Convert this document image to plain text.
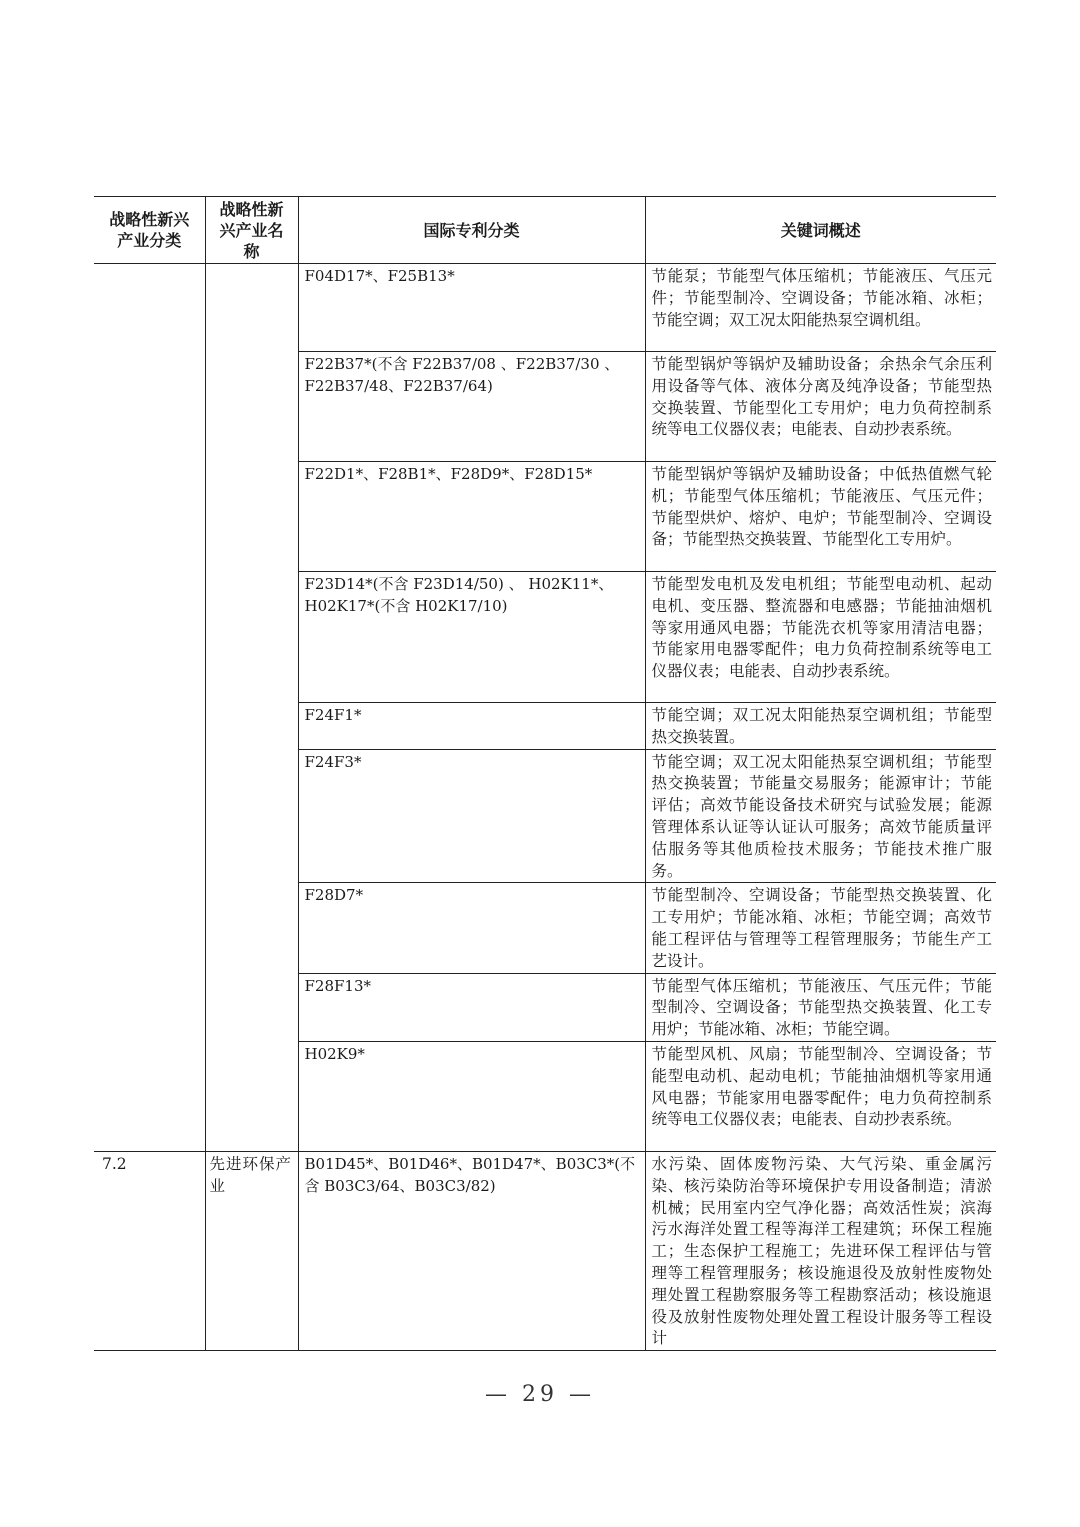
战略性新兴产业分类	战略性新兴产业名称	国际专利分类	关键词概述
		F04D17*、F25B13*	节能泵；节能型气体压缩机；节能液压、气压元件；节能型制冷、空调设备；节能冰箱、冰柜；节能空调；双工况太阳能热泵空调机组。
		F22B37*(不含 F22B37/08 、F22B37/30 、F22B37/48、F22B37/64)	节能型锅炉等锅炉及辅助设备；余热余气余压利用设备等气体、液体分离及纯净设备；节能型热交换装置、节能型化工专用炉；电力负荷控制系统等电工仪器仪表；电能表、自动抄表系统。
		F22D1*、F28B1*、F28D9*、F28D15*	节能型锅炉等锅炉及辅助设备；中低热值燃气轮机；节能型气体压缩机；节能液压、气压元件；节能型烘炉、熔炉、电炉；节能型制冷、空调设备；节能型热交换装置、节能型化工专用炉。
		F23D14*(不含 F23D14/50) 、 H02K11*、H02K17*(不含 H02K17/10)	节能型发电机及发电机组；节能型电动机、起动电机、变压器、整流器和电感器；节能抽油烟机等家用通风电器；节能洗衣机等家用清洁电器；节能家用电器零配件；电力负荷控制系统等电工仪器仪表；电能表、自动抄表系统。
		F24F1*	节能空调；双工况太阳能热泵空调机组；节能型热交换装置。
		F24F3*	节能空调；双工况太阳能热泵空调机组；节能型热交换装置；节能量交易服务；能源审计；节能评估；高效节能设备技术研究与试验发展；能源管理体系认证等认证认可服务；高效节能质量评估服务等其他质检技术服务；节能技术推广服务。
		F28D7*	节能型制冷、空调设备；节能型热交换装置、化工专用炉；节能冰箱、冰柜；节能空调；高效节能工程评估与管理等工程管理服务；节能生产工艺设计。
		F28F13*	节能型气体压缩机；节能液压、气压元件；节能型制冷、空调设备；节能型热交换装置、化工专用炉；节能冰箱、冰柜；节能空调。
		H02K9*	节能型风机、风扇；节能型制冷、空调设备；节能型电动机、起动电机；节能抽油烟机等家用通风电器；节能家用电器零配件；电力负荷控制系统等电工仪器仪表；电能表、自动抄表系统。
7.2	先进环保产业	B01D45*、B01D46*、B01D47*、B03C3*(不含 B03C3/64、B03C3/82)	水污染、固体废物污染、大气污染、重金属污染、核污染防治等环境保护专用设备制造；清淤机械；民用室内空气净化器；高效活性炭；滨海污水海洋处置工程等海洋工程建筑；环保工程施工；生态保护工程施工；先进环保工程评估与管理等工程管理服务；核设施退役及放射性废物处理处置工程勘察服务等工程勘察活动；核设施退役及放射性废物处理处置工程设计服务等工程设计
— 29 —
